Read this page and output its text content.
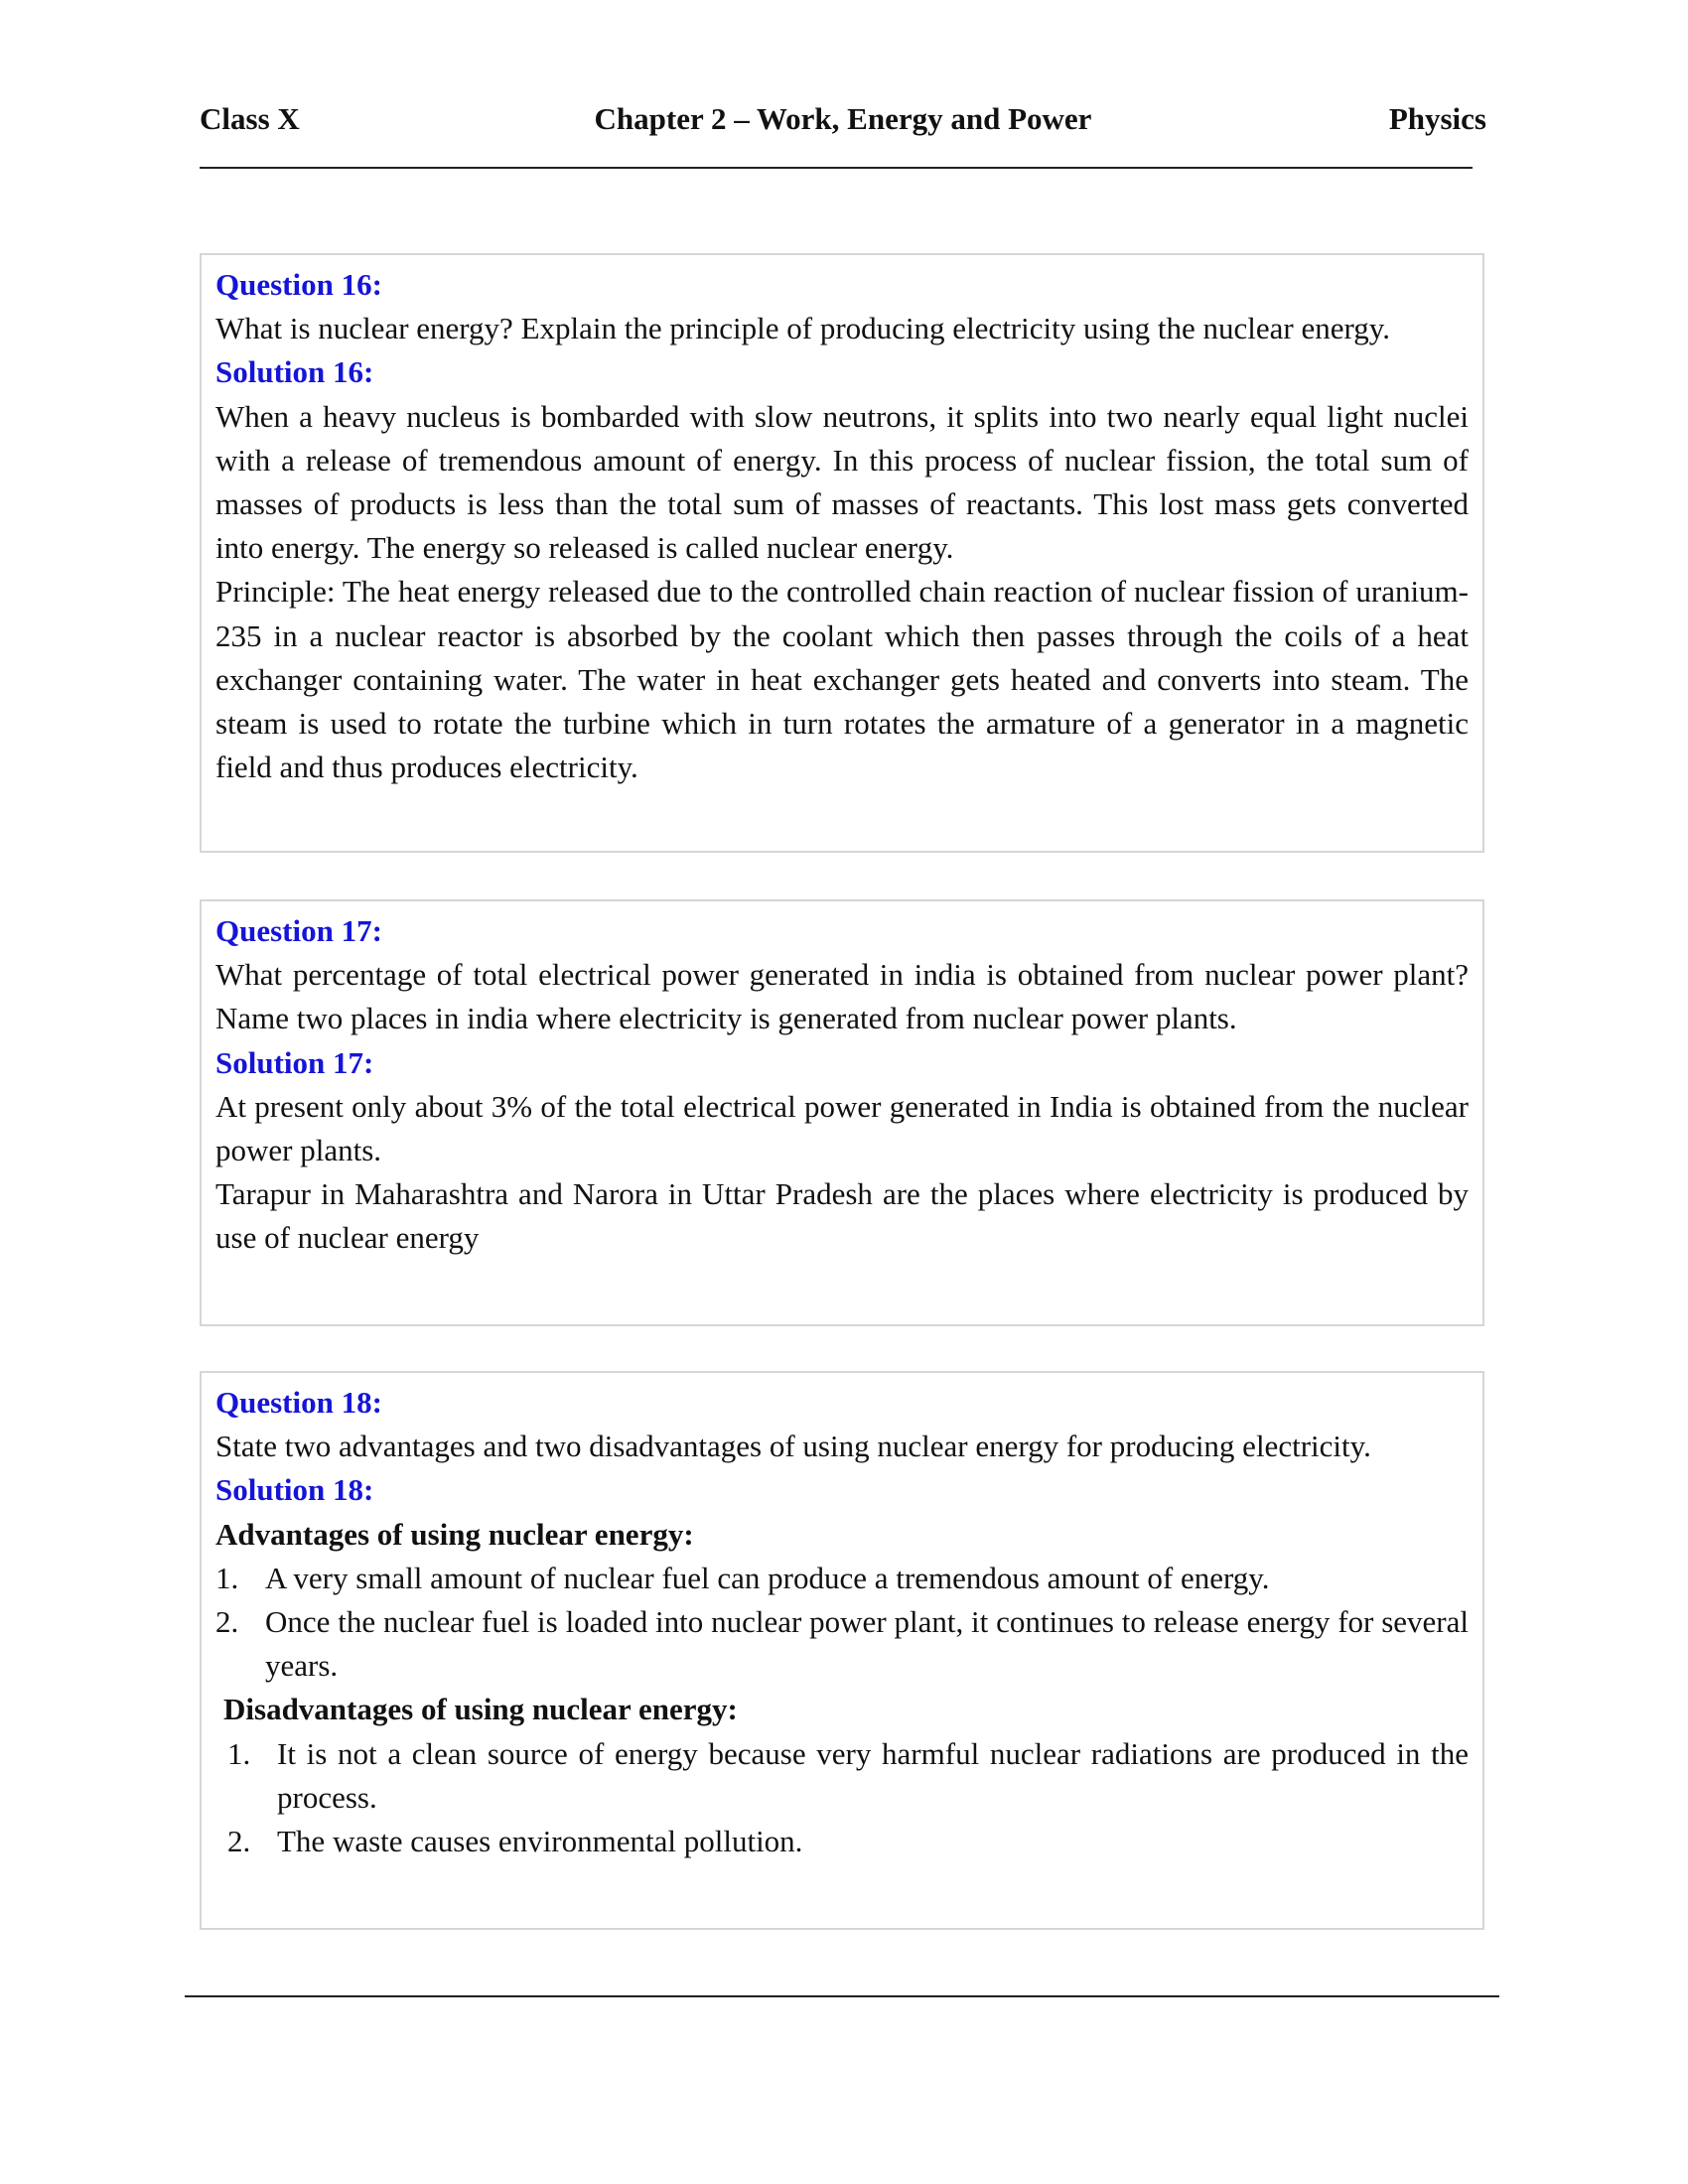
Class X	Chapter 2 – Work, Energy and Power	Physics

Question 16:

What is nuclear energy? Explain the principle of producing electricity using the nuclear energy.

Solution 16:

When a heavy nucleus is bombarded with slow neutrons, it splits into two nearly equal light nuclei with a release of tremendous amount of energy. In this process of nuclear fission, the total sum of masses of products is less than the total sum of masses of reactants. This lost mass gets converted into energy. The energy so released is called nuclear energy.

Principle: The heat energy released due to the controlled chain reaction of nuclear fission of uranium-235 in a nuclear reactor is absorbed by the coolant which then passes through the coils of a heat exchanger containing water. The water in heat exchanger gets heated and converts into steam. The steam is used to rotate the turbine which in turn rotates the armature of a generator in a magnetic field and thus produces electricity.

Question 17:

What percentage of total electrical power generated in india is obtained from nuclear power plant? Name two places in india where electricity is generated from nuclear power plants.

Solution 17:

At present only about 3% of the total electrical power generated in India is obtained from the nuclear power plants.

Tarapur in Maharashtra and Narora in Uttar Pradesh are the places where electricity is produced by use of nuclear energy

Question 18:

State two advantages and two disadvantages of using nuclear energy for producing electricity.

Solution 18:

Advantages of using nuclear energy:

1. A very small amount of nuclear fuel can produce a tremendous amount of energy.
2. Once the nuclear fuel is loaded into nuclear power plant, it continues to release energy for several years.

Disadvantages of using nuclear energy:

1. It is not a clean source of energy because very harmful nuclear radiations are produced in the process.
2. The waste causes environmental pollution.
